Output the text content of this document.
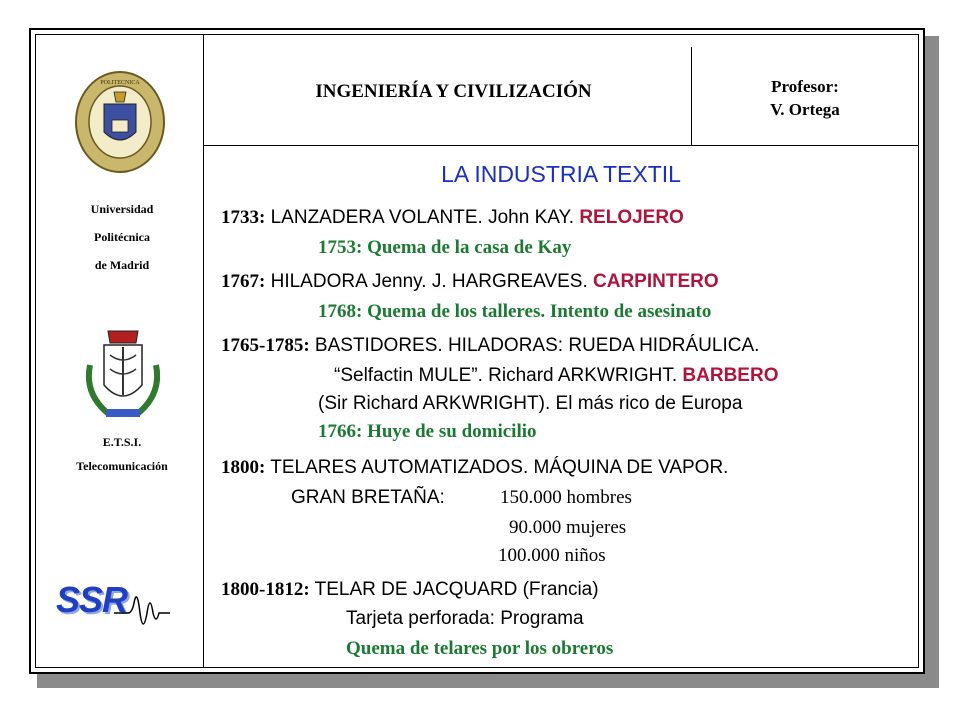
INGENIERÍA Y CIVILIZACIÓN	Profesor:
V. Ortega
POLITECNICA
Universidad
Politécnica
de Madrid
E.T.S.I.
Telecomunicación
SSR
LA INDUSTRIA TEXTIL
1733: LANZADERA VOLANTE. John KAY. RELOJERO
1753: Quema de la casa de Kay
1767: HILADORA Jenny. J. HARGREAVES. CARPINTERO
1768: Quema de los talleres. Intento de asesinato
1765-1785: BASTIDORES. HILADORAS: RUEDA HIDRÁULICA.
“Selfactin MULE”. Richard ARKWRIGHT. BARBERO
(Sir Richard ARKWRIGHT). El más rico de Europa
1766: Huye de su domicilio
1800: TELARES AUTOMATIZADOS. MÁQUINA DE VAPOR.
GRAN BRETAÑA:	150.000 hombres
90.000 mujeres
100.000 niños
1800-1812: TELAR DE JACQUARD (Francia)
Tarjeta perforada: Programa
Quema de telares por los obreros
